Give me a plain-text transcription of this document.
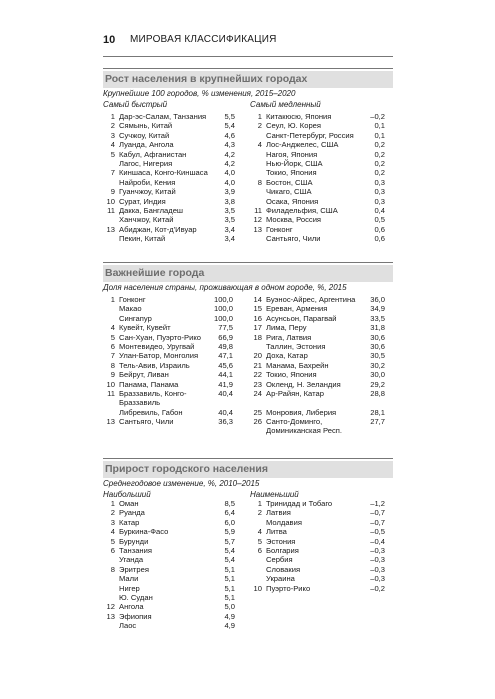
10 МИРОВАЯ КЛАССИФИКАЦИЯ
Рост населения в крупнейших городах
Крупнейшие 100 городов, % изменения, 2015–2020
Самый быстрый	Самый медленный
1 Дар-эс-Салам, Танзания 5,5
2 Сямынь, Китай	5,4
3 Сучжоу, Китай	4,6
4 Луанда, Ангола	4,3
5 Кабул, Афганистан	4,2
Лагос, Нигерия	4,2
7 Киншаса, Конго-Киншаса 4,0
Найроби, Кения	4,0
9 Гуанчжоу, Китай	3,9
10 Сурат, Индия	3,8
11 Дакка, Бангладеш	3,5
Ханчжоу, Китай	3,5
13 Абиджан, Кот-д'Ивуар	3,4
Пекин, Китай	3,4
1 Китакюсю, Япония	–0,2
2 Сеул, Ю. Корея	0,1
Санкт-Петербург, Россия	0,1
4 Лос-Анджелес, США	0,2
Нагоя, Япония	0,2
Нью-Йорк, США	0,2
Токио, Япония	0,2
8 Бостон, США	0,3
Чикаго, США	0,3
Осака, Япония	0,3
11 Филадельфия, США	0,4
12 Москва, Россия	0,5
13 Гонконг	0,6
Сантьяго, Чили	0,6
Важнейшие города
Доля населения страны, проживающая в одном городе, %, 2015
1 Гонконг	100,0
Макао	100,0
Сингапур	100,0
4 Кувейт, Кувейт	77,5
5 Сан-Хуан, Пуэрто-Рико 66,9
6 Монтевидео, Уругвай	49,8
7 Улан-Батор, Монголия	47,1
8 Тель-Авив, Израиль	45,6
9 Бейрут, Ливан	44,1
10 Панама, Панама	41,9
11 Браззавиль, Конго-	40,4
Браззавиль
Либревиль, Габон	40,4
13 Сантьяго, Чили	36,3
14 Буэнос-Айрес, Аргентина 36,0
15 Ереван, Армения	34,9
16 Асунсьон, Парагвай	33,5
17 Лима, Перу	31,8
18 Рига, Латвия	30,6
Таллин, Эстония	30,6
20 Доха, Катар	30,5
21 Манама, Бахрейн	30,2
22 Токио, Япония	30,0
23 Окленд, Н. Зеландия	29,2
24 Ар-Райян, Катар	28,8
25 Монровия, Либерия	28,1
26 Санто-Доминго,	27,7
Доминиканская Респ.
Прирост городского населения
Среднегодовое изменение, %, 2010–2015
Наибольший	Наименьший
1 Оман	8,5
2 Руанда	6,4
3 Катар	6,0
4 Буркина-Фасо	5,9
5 Бурунди	5,7
6 Танзания	5,4
Уганда	5,4
8 Эритрея	5,1
Мали	5,1
Нигер	5,1
Ю. Судан	5,1
12 Ангола	5,0
13 Эфиопия	4,9
Лаос	4,9
1 Тринидад и Тобаго	–1,2
2 Латвия	–0,7
Молдавия	–0,7
4 Литва	–0,5
5 Эстония	–0,4
6 Болгария	–0,3
Сербия	–0,3
Словакия	–0,3
Украина	–0,3
10 Пуэрто-Рико	–0,2
